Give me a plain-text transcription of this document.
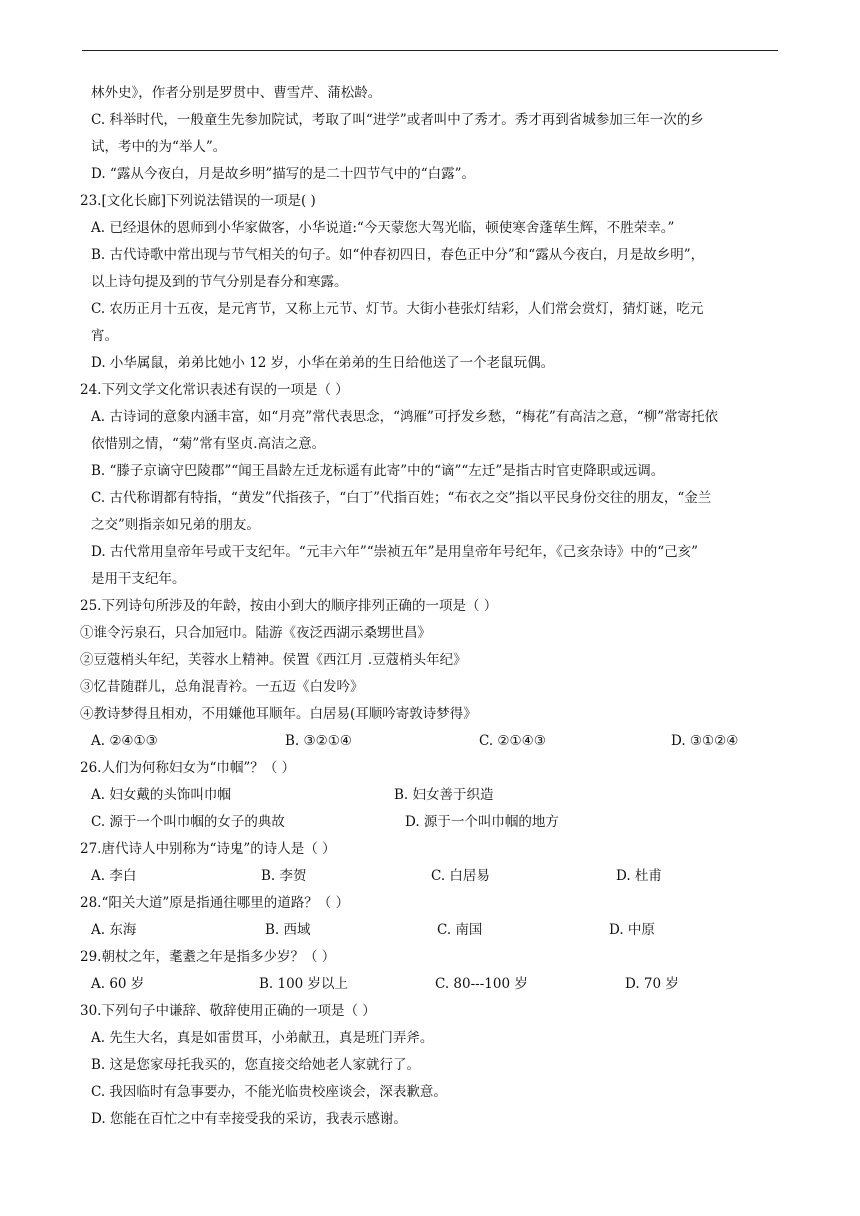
林外史》，作者分别是罗贯中、曹雪芹、蒲松龄。
C. 科举时代，一般童生先参加院试，考取了叫“进学”或者叫中了秀才。秀才再到省城参加三年一次的乡
试，考中的为“举人”。
D. “露从今夜白，月是故乡明”描写的是二十四节气中的“白露”。
23.[文化长廊]下列说法错误的一项是( )
A. 已经退休的恩师到小华家做客，小华说道:“今天蒙您大驾光临，顿使寒舍蓬荜生辉，不胜荣幸。”
B. 古代诗歌中常出现与节气相关的句子。如“仲春初四日，春色正中分”和“露从今夜白，月是故乡明”，
以上诗句提及到的节气分别是春分和寒露。
C. 农历正月十五夜，是元宵节，又称上元节、灯节。大街小巷张灯结彩，人们常会赏灯，猜灯谜，吃元
宵。
D. 小华属鼠，弟弟比她小 12 岁，小华在弟弟的生日给他送了一个老鼠玩偶。
24.下列文学文化常识表述有误的一项是（ ）
A. 古诗词的意象内涵丰富，如“月亮”常代表思念，“鸿雁”可抒发乡愁，“梅花”有高洁之意，“柳”常寄托依
依惜别之情，“菊”常有坚贞.高洁之意。
B. “滕子京谪守巴陵郡”“闻王昌龄左迁龙标遥有此寄”中的“谪”“左迁”是指古时官吏降职或远调。
C. 古代称谓都有特指，“黄发”代指孩子，“白丁”代指百姓；“布衣之交”指以平民身份交往的朋友，“金兰
之交”则指亲如兄弟的朋友。
D. 古代常用皇帝年号或干支纪年。“元丰六年”“崇祯五年”是用皇帝年号纪年，《己亥杂诗》中的“己亥”
是用干支纪年。
25.下列诗句所涉及的年龄，按由小到大的顺序排列正确的一项是（ ）
①谁令污泉石，只合加冠巾。陆游《夜泛西湖示桑甥世昌》
②豆蔻梢头年纪，芙蓉水上精神。侯置《西江月 .豆蔻梢头年纪》
③忆昔随群儿，总角混青衿。一五迈《白发吟》
④教诗梦得且相劝，不用嫌他耳顺年。白居易(耳顺吟寄敦诗梦得》
A. ②④①③	B. ③②①④	C. ②①④③	D. ③①②④
26.人们为何称妇女为“巾帼”？（ ）
A. 妇女戴的头饰叫巾帼	B. 妇女善于织造
C. 源于一个叫巾帼的女子的典故	D. 源于一个叫巾帼的地方
27.唐代诗人中别称为“诗鬼”的诗人是（ ）
A. 李白	B. 李贺	C. 白居易	D. 杜甫
28.“阳关大道”原是指通往哪里的道路？（ ）
A. 东海	B. 西域	C. 南国	D. 中原
29.朝杖之年，耄耋之年是指多少岁？（ ）
A. 60 岁	B. 100 岁以上	C. 80---100 岁	D. 70 岁
30.下列句子中谦辞、敬辞使用正确的一项是（ ）
A. 先生大名，真是如雷贯耳，小弟献丑，真是班门弄斧。
B. 这是您家母托我买的，您直接交给她老人家就行了。
C. 我因临时有急事要办，不能光临贵校座谈会，深表歉意。
D. 您能在百忙之中有幸接受我的采访，我表示感谢。
